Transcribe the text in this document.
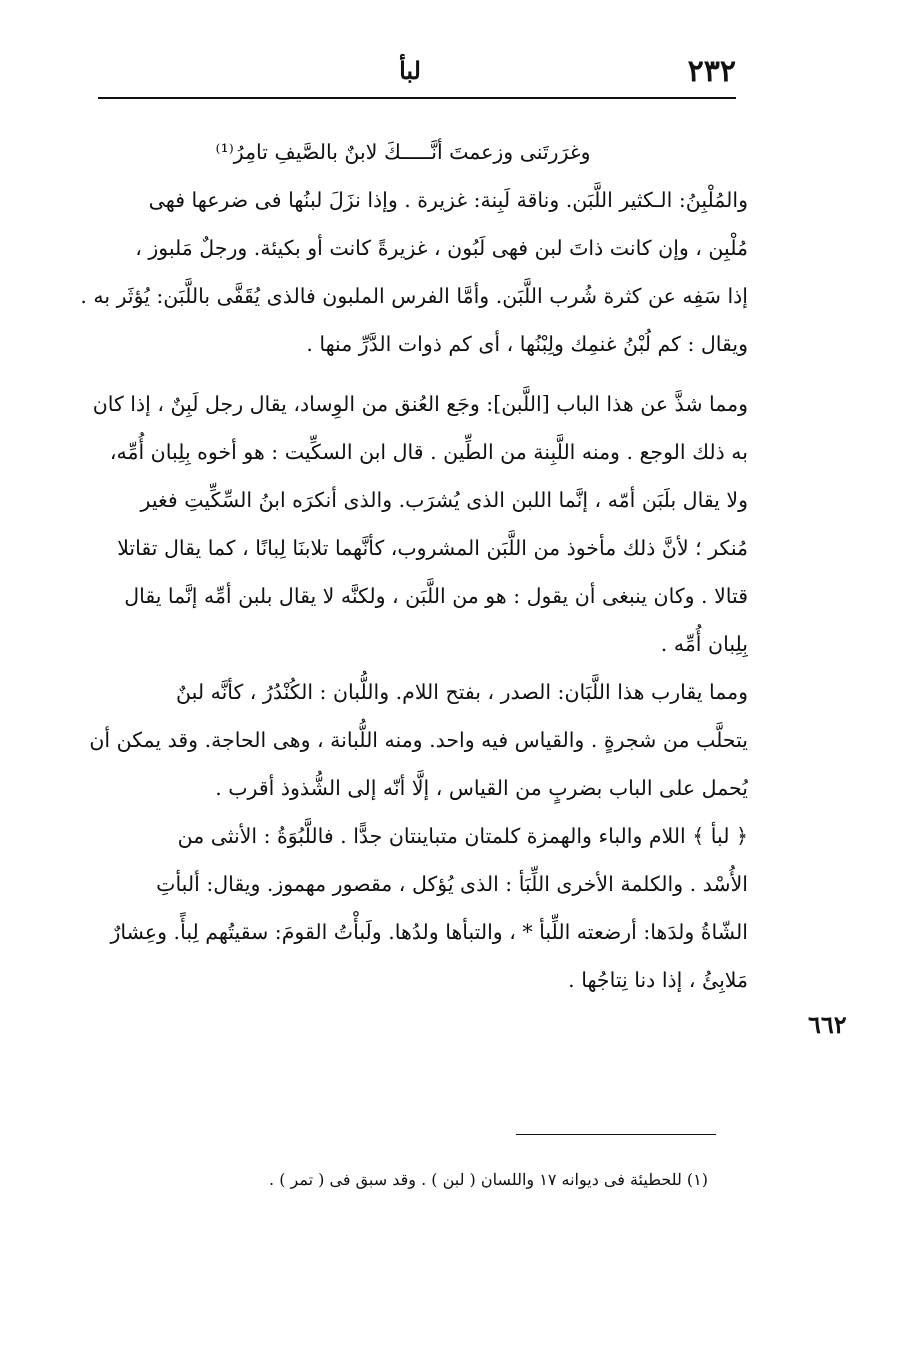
٢٣٢
لبأ
وغرَرتَنى وزعمتَ أنَّـــــكَ لابنٌ بالصَّيفِ تامِرُ⁽¹⁾
والمُلْبِنُ: الـكثير اللَّبَن. وناقة لَبِنة: غزيرة . وإذا نزَلَ لبنُها فى ضرعها فهى
مُلْبِن ، وإن كانت ذاتَ لبن فهى لَبُون ، غزيرةً كانت أو بكيئة. ورجلٌ مَلبوز ،
إذا سَفِه عن كثرة شُرب اللَّبَن. وأمَّا الفرس الملبون فالذى يُقَفَّى باللَّبَن: يُؤثَر به .
ويقال : كم لُبْنُ غنمِك ولِبْنُها ، أى كم ذوات الدَّرِّ منها .
ومما شذَّ عن هذا الباب [اللَّبن]: وجَع العُنق من الوِساد، يقال رجل لَبِنٌ ، إذا كان
به ذلك الوجع . ومنه اللَّبِنة من الطِّين . قال ابن السكِّيت : هو أخوه بِلِبان أُمِّه،
ولا يقال بلَبَن أمّه ، إنَّما اللبن الذى يُشرَب. والذى أنكرَه ابنُ السِّكِّيتِ فغير
مُنكر ؛ لأنَّ ذلك مأخوذ من اللَّبَن المشروب، كأنَّهما تلابنَا لِبانًا ، كما يقال تقاتلا
قتالا . وكان ينبغى أن يقول : هو من اللَّبَن ، ولكنَّه لا يقال بلبن أمِّه إنَّما يقال
بِلِبان أُمِّه .
ومما يقارب هذا اللَّبَان: الصدر ، بفتح اللام. واللُّبان : الكُنْدُرُ ، كأنَّه لبنٌ
يتحلَّب من شجرةٍ . والقياس فيه واحد. ومنه اللُّبانة ، وهى الحاجة. وقد يمكن أن
يُحمل على الباب بضربٍ من القياس ، إلَّا أنّه إلى الشُّذوذ أقرب .
﴿ لبأ ﴾ اللام والباء والهمزة كلمتان متباينتان جدًّا . فاللَّبُوَةُ : الأنثى من
الأُسْد . والكلمة الأخرى اللِّبَأ : الذى يُؤكل ، مقصور مهموز. ويقال: ألبأتِ
الشّاةُ ولدَها: أرضعته اللِّبأ * ، والتبأها ولدُها. ولَبأْتُ القومَ: سقيتُهم لِبأً. وعِشارٌ
مَلابِئُ ، إذا دنا نِتاجُها .
٦٦٢
(١) للحطيئة فى ديوانه ١٧ واللسان ( لبن ) . وقد سبق فى ( تمر ) .
